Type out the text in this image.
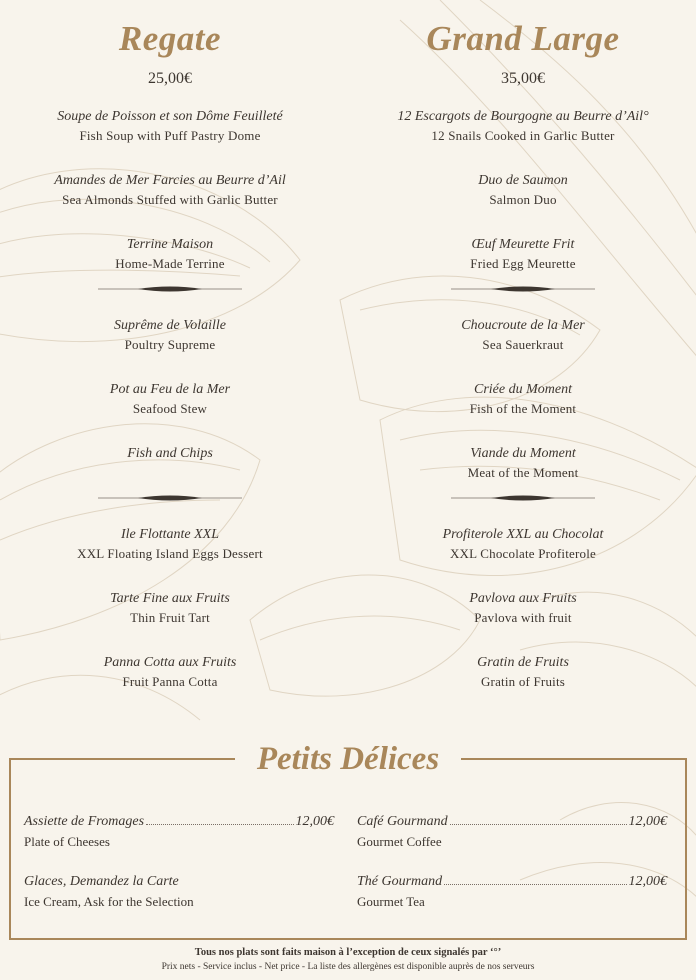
Regate
25,00€
Soupe de Poisson et son Dôme Feuilleté
Fish Soup with Puff Pastry Dome
Amandes de Mer Farcies au Beurre d’Ail
Sea Almonds Stuffed with Garlic Butter
Terrine Maison
Home-Made Terrine
Suprême de Volaille
Poultry Supreme
Pot au Feu de la Mer
Seafood Stew
Fish and Chips
Ile Flottante XXL
XXL Floating Island Eggs Dessert
Tarte Fine aux Fruits
Thin Fruit Tart
Panna Cotta aux Fruits
Fruit Panna Cotta
Grand Large
35,00€
12 Escargots de Bourgogne au Beurre d’Ail°
12 Snails Cooked in Garlic Butter
Duo de Saumon
Salmon Duo
Œuf Meurette Frit
Fried Egg Meurette
Choucroute de la Mer
Sea Sauerkraut
Criée du Moment
Fish of the Moment
Viande du Moment
Meat of the Moment
Profiterole XXL au Chocolat
XXL Chocolate Profiterole
Pavlova aux Fruits
Pavlova with fruit
Gratin de Fruits
Gratin of Fruits
Petits Délices
Assiette de Fromages	12,00€
Plate of Cheeses
Café Gourmand	12,00€
Gourmet Coffee
Glaces, Demandez la Carte
Ice Cream, Ask for the Selection
Thé Gourmand	12,00€
Gourmet Tea
Tous nos plats sont faits maison à l’exception de ceux signalés par ‘°’
Prix nets - Service inclus - Net price - La liste des allergènes est disponible auprès de nos serveurs
